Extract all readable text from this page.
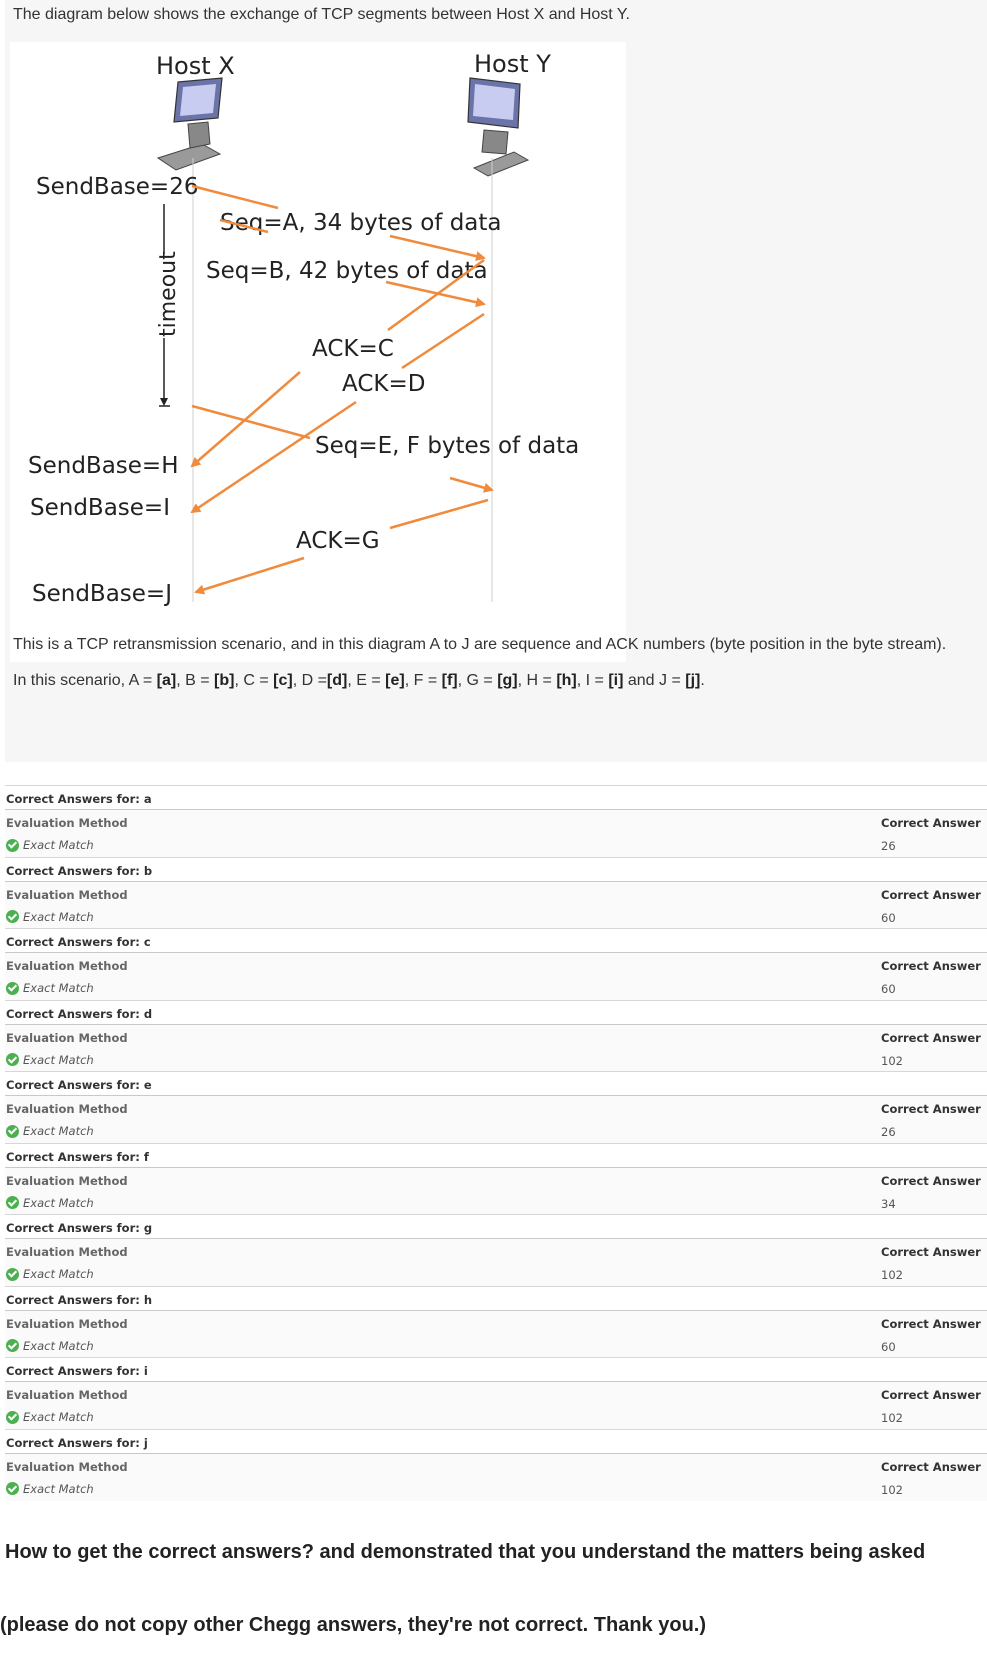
The diagram below shows the exchange of TCP segments between Host X and Host Y.

Host X	Host Y
timeout
SendBase=26
Seq=A, 34 bytes of data
Seq=B, 42 bytes of data
ACK=C
ACK=D
Seq=E, F bytes of data
SendBase=H
SendBase=I
ACK=G
SendBase=J

This is a TCP retransmission scenario, and in this diagram A to J are sequence and ACK numbers (byte position in the byte stream).

In this scenario, A = [a], B = [b], C = [c], D =[d], E = [e], F = [f], G = [g], H = [h], I = [i] and J = [j].

Correct Answers for: a
Evaluation Method	Correct Answer
Exact Match	26
Correct Answers for: b
Evaluation Method	Correct Answer
Exact Match	60
Correct Answers for: c
Evaluation Method	Correct Answer
Exact Match	60
Correct Answers for: d
Evaluation Method	Correct Answer
Exact Match	102
Correct Answers for: e
Evaluation Method	Correct Answer
Exact Match	26
Correct Answers for: f
Evaluation Method	Correct Answer
Exact Match	34
Correct Answers for: g
Evaluation Method	Correct Answer
Exact Match	102
Correct Answers for: h
Evaluation Method	Correct Answer
Exact Match	60
Correct Answers for: i
Evaluation Method	Correct Answer
Exact Match	102
Correct Answers for: j
Evaluation Method	Correct Answer
Exact Match	102

How to get the correct answers? and demonstrated that you understand the matters being asked

(please do not copy other Chegg answers, they're not correct. Thank you.)
